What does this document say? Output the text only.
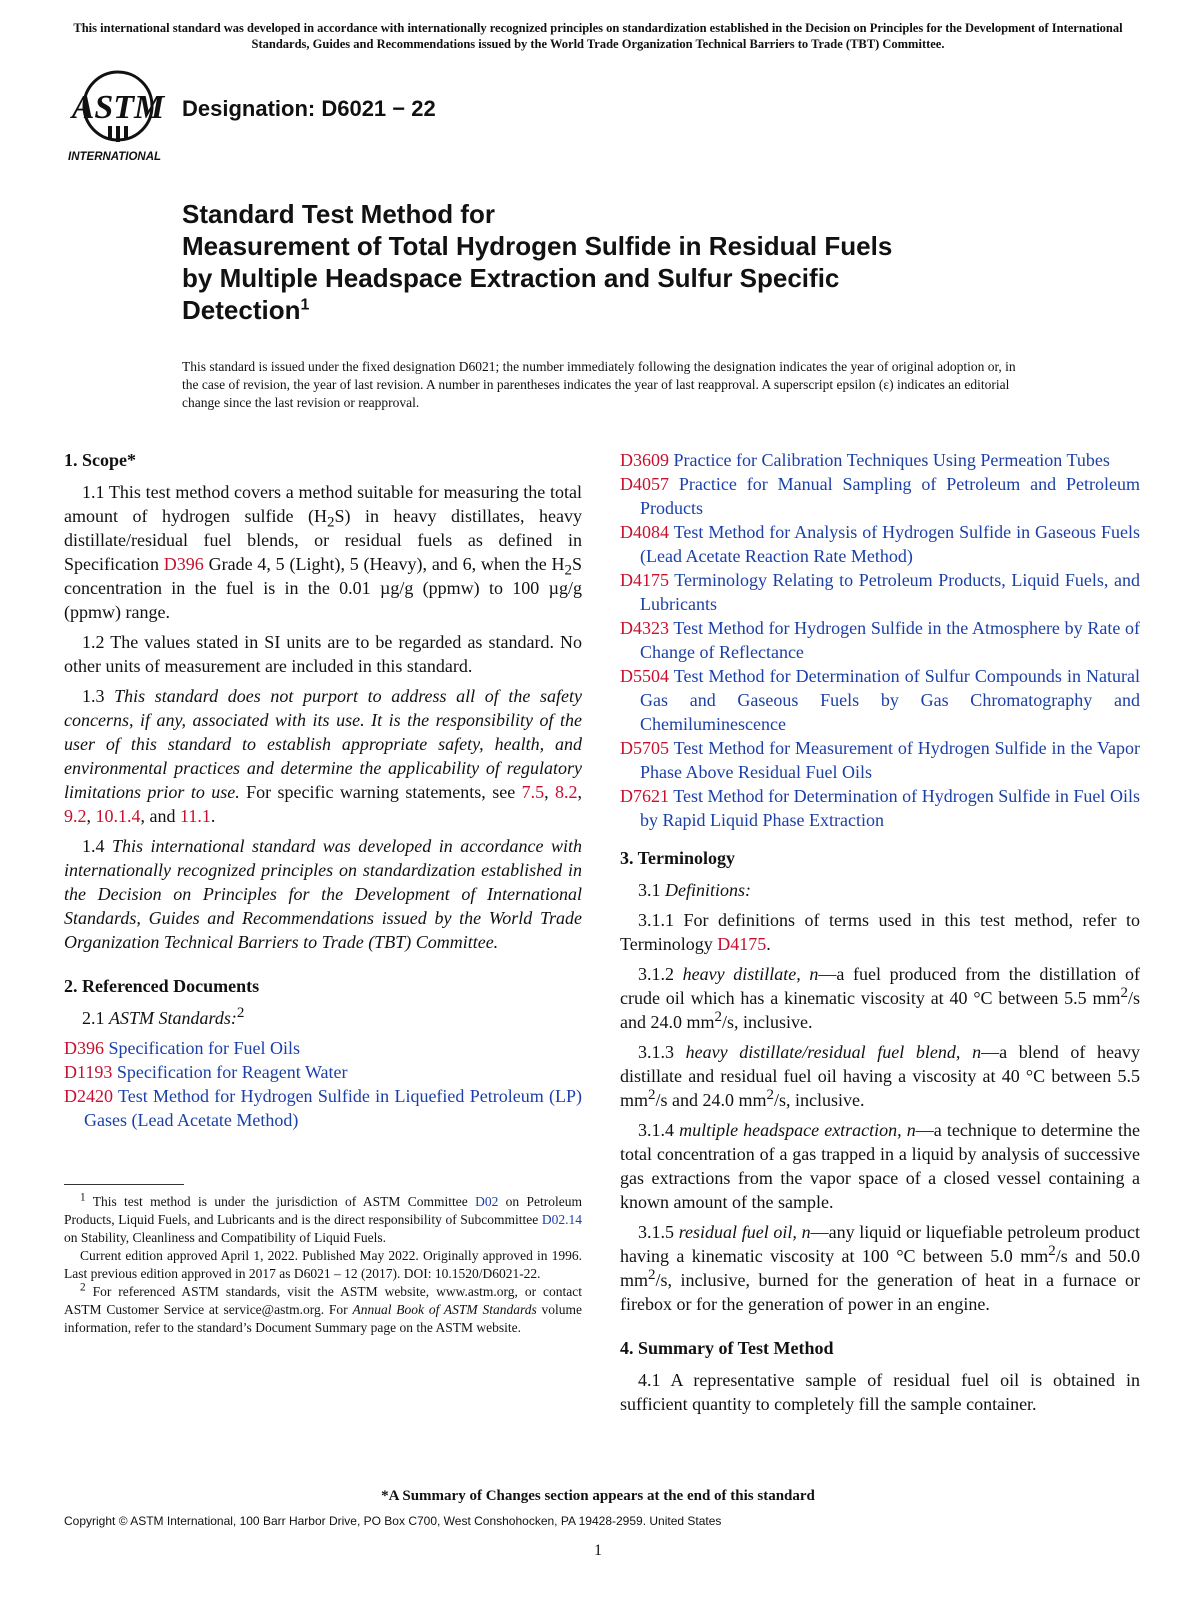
This international standard was developed in accordance with internationally recognized principles on standardization established in the Decision on Principles for the Development of International Standards, Guides and Recommendations issued by the World Trade Organization Technical Barriers to Trade (TBT) Committee.
ASTM
INTERNATIONAL
Designation: D6021 − 22
Standard Test Method for
Measurement of Total Hydrogen Sulfide in Residual Fuels
by Multiple Headspace Extraction and Sulfur Specific
Detection$^1$
This standard is issued under the fixed designation D6021; the number immediately following the designation indicates the year of original adoption or, in the case of revision, the year of last revision. A number in parentheses indicates the year of last reapproval. A superscript epsilon (ε) indicates an editorial change since the last revision or reapproval.
1. Scope*

1.1 This test method covers a method suitable for measuring the total amount of hydrogen sulfide $(H_2S)$ in heavy distillates, heavy distillate/residual fuel blends, or residual fuels as defined in Specification D396 Grade 4, 5 (Light), 5 (Heavy), and 6, when the $H_2S$ concentration in the fuel is in the 0.01 µg/g (ppmw) to 100 µg/g (ppmw) range.

1.2 The values stated in SI units are to be regarded as standard. No other units of measurement are included in this standard.

1.3 This standard does not purport to address all of the safety concerns, if any, associated with its use. It is the responsibility of the user of this standard to establish appropriate safety, health, and environmental practices and determine the applicability of regulatory limitations prior to use. For specific warning statements, see 7.5, 8.2, 9.2, 10.1.4, and 11.1.

1.4 This international standard was developed in accordance with internationally recognized principles on standardization established in the Decision on Principles for the Development of International Standards, Guides and Recommendations issued by the World Trade Organization Technical Barriers to Trade (TBT) Committee.

2. Referenced Documents

2.1 ASTM Standards:$^2$

D396 Specification for Fuel Oils
D1193 Specification for Reagent Water
D2420 Test Method for Hydrogen Sulfide in Liquefied Petroleum (LP) Gases (Lead Acetate Method)

$^1$ This test method is under the jurisdiction of ASTM Committee D02 on Petroleum Products, Liquid Fuels, and Lubricants and is the direct responsibility of Subcommittee D02.14 on Stability, Cleanliness and Compatibility of Liquid Fuels.

Current edition approved April 1, 2022. Published May 2022. Originally approved in 1996. Last previous edition approved in 2017 as D6021 – 12 (2017). DOI: 10.1520/D6021-22.

$^2$ For referenced ASTM standards, visit the ASTM website, www.astm.org, or contact ASTM Customer Service at service@astm.org. For Annual Book of ASTM Standards volume information, refer to the standard’s Document Summary page on the ASTM website.

D3609 Practice for Calibration Techniques Using Permeation Tubes
D4057 Practice for Manual Sampling of Petroleum and Petroleum Products
D4084 Test Method for Analysis of Hydrogen Sulfide in Gaseous Fuels (Lead Acetate Reaction Rate Method)
D4175 Terminology Relating to Petroleum Products, Liquid Fuels, and Lubricants
D4323 Test Method for Hydrogen Sulfide in the Atmosphere by Rate of Change of Reflectance
D5504 Test Method for Determination of Sulfur Compounds in Natural Gas and Gaseous Fuels by Gas Chromatography and Chemiluminescence
D5705 Test Method for Measurement of Hydrogen Sulfide in the Vapor Phase Above Residual Fuel Oils
D7621 Test Method for Determination of Hydrogen Sulfide in Fuel Oils by Rapid Liquid Phase Extraction
3. Terminology

3.1 Definitions:

3.1.1 For definitions of terms used in this test method, refer to Terminology D4175.

3.1.2 heavy distillate, n—a fuel produced from the distillation of crude oil which has a kinematic viscosity at 40 °C between 5.5 $mm^2/s$ and 24.0 $mm^2/s$, inclusive.

3.1.3 heavy distillate/residual fuel blend, n—a blend of heavy distillate and residual fuel oil having a viscosity at 40 °C between 5.5 $mm^2/s$ and 24.0 $mm^2/s$, inclusive.

3.1.4 multiple headspace extraction, n—a technique to determine the total concentration of a gas trapped in a liquid by analysis of successive gas extractions from the vapor space of a closed vessel containing a known amount of the sample.

3.1.5 residual fuel oil, n—any liquid or liquefiable petroleum product having a kinematic viscosity at 100 °C between 5.0 $mm^2/s$ and 50.0 $mm^2/s$, inclusive, burned for the generation of heat in a furnace or firebox or for the generation of power in an engine.

4. Summary of Test Method

4.1 A representative sample of residual fuel oil is obtained in sufficient quantity to completely fill the sample container.

*A Summary of Changes section appears at the end of this standard
Copyright © ASTM International, 100 Barr Harbor Drive, PO Box C700, West Conshohocken, PA 19428-2959. United States
1
